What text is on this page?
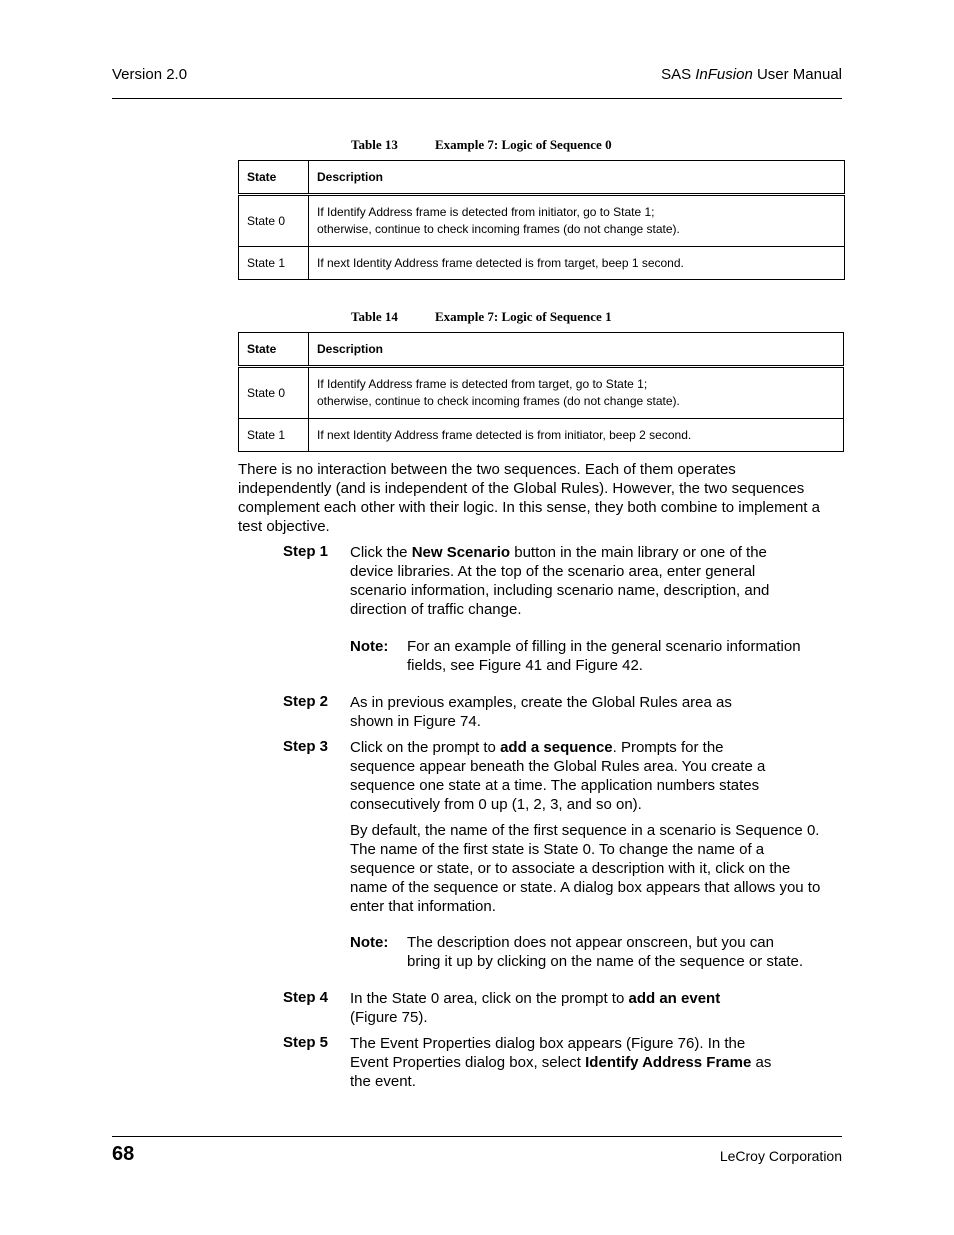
Version 2.0	SAS InFusion User Manual
Table 13	Example 7: Logic of Sequence 0
State	Description
State 0	If Identify Address frame is detected from initiator, go to State 1;
otherwise, continue to check incoming frames (do not change state).
State 1	If next Identity Address frame detected is from target, beep 1 second.
Table 14	Example 7: Logic of Sequence 1
State	Description
State 0	If Identify Address frame is detected from target, go to State 1;
otherwise, continue to check incoming frames (do not change state).
State 1	If next Identity Address frame detected is from initiator, beep 2 second.
There is no interaction between the two sequences. Each of them operates
independently (and is independent of the Global Rules). However, the two sequences
complement each other with their logic. In this sense, they both combine to implement a
test objective.
Step 1 Click the New Scenario button in the main library or one of the
device libraries. At the top of the scenario area, enter general
scenario information, including scenario name, description, and
direction of traffic change.
Note:	For an example of filling in the general scenario information
fields, see Figure 41 and Figure 42.
Step 2 As in previous examples, create the Global Rules area as
shown in Figure 74.
Step 3 Click on the prompt to add a sequence. Prompts for the
sequence appear beneath the Global Rules area. You create a
sequence one state at a time. The application numbers states
consecutively from 0 up (1, 2, 3, and so on).
By default, the name of the first sequence in a scenario is Sequence 0.
The name of the first state is State 0. To change the name of a
sequence or state, or to associate a description with it, click on the
name of the sequence or state. A dialog box appears that allows you to
enter that information.
Note:	The description does not appear onscreen, but you can
bring it up by clicking on the name of the sequence or state.
Step 4 In the State 0 area, click on the prompt to add an event
(Figure 75).
Step 5 The Event Properties dialog box appears (Figure 76). In the
Event Properties dialog box, select Identify Address Frame as
the event.
68	LeCroy Corporation
